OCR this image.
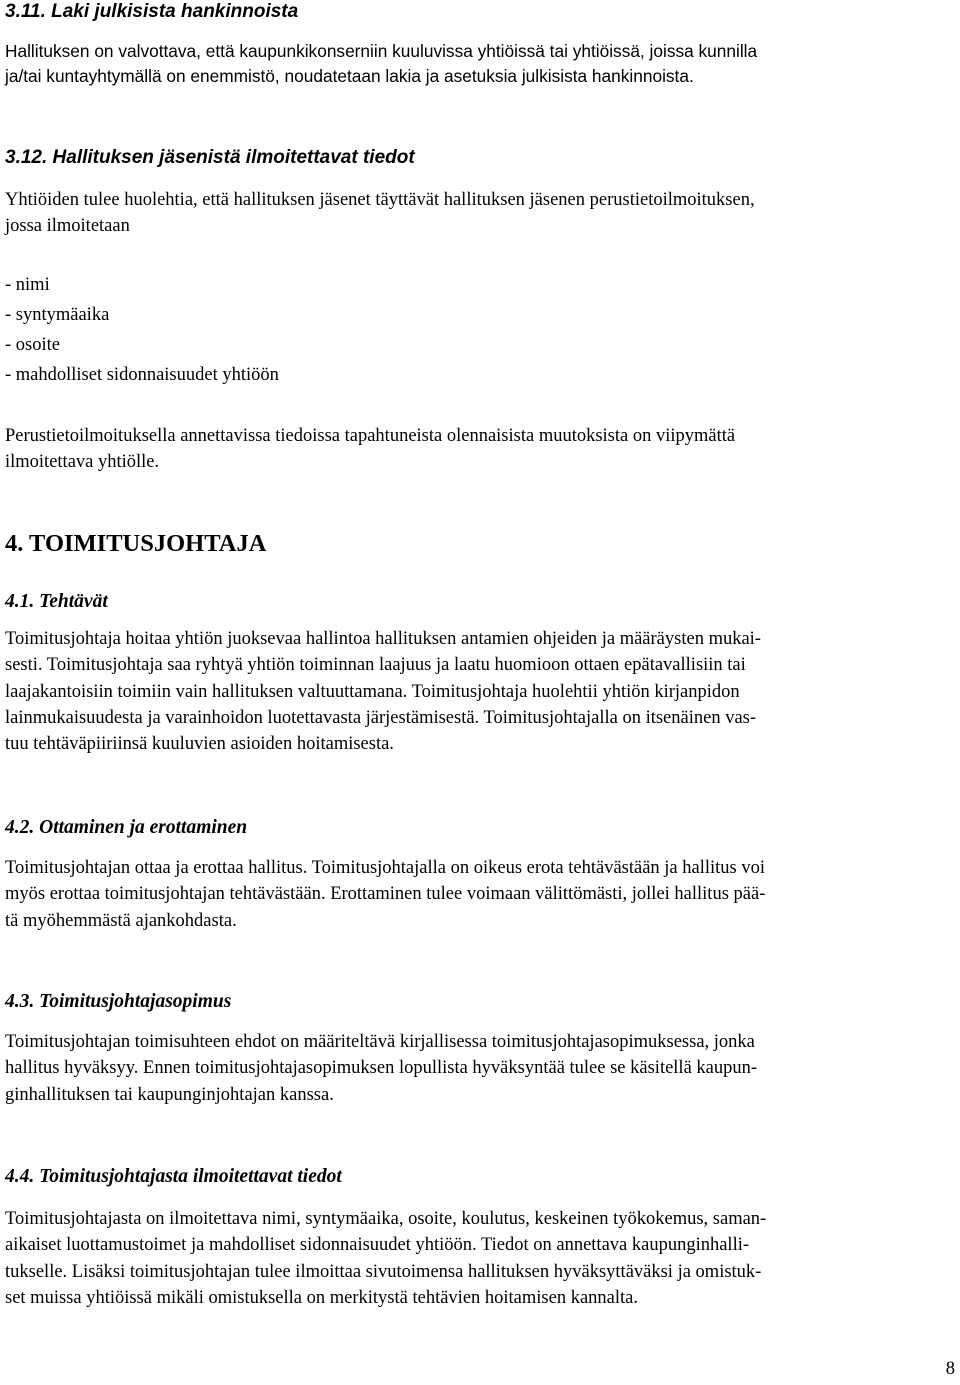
3.11. Laki julkisista hankinnoista

Hallituksen on valvottava, että kaupunkikonserniin kuuluvissa yhtiöissä tai yhtiöissä, joissa kunnilla
ja/tai kuntayhtymällä on enemmistö, noudatetaan lakia ja asetuksia julkisista hankinnoista.

3.12. Hallituksen jäsenistä ilmoitettavat tiedot

Yhtiöiden tulee huolehtia, että hallituksen jäsenet täyttävät hallituksen jäsenen perustietoilmoituksen,
jossa ilmoitetaan

- nimi
- syntymäaika
- osoite
- mahdolliset sidonnaisuudet yhtiöön

Perustietoilmoituksella annettavissa tiedoissa tapahtuneista olennaisista muutoksista on viipymättä
ilmoitettava yhtiölle.

4. TOIMITUSJOHTAJA
4.1. Tehtävät

Toimitusjohtaja hoitaa yhtiön juoksevaa hallintoa hallituksen antamien ohjeiden ja määräysten mukai-
sesti. Toimitusjohtaja saa ryhtyä yhtiön toiminnan laajuus ja laatu huomioon ottaen epätavallisiin tai
laajakantoisiin toimiin vain hallituksen valtuuttamana. Toimitusjohtaja huolehtii yhtiön kirjanpidon
lainmukaisuudesta ja varainhoidon luotettavasta järjestämisestä. Toimitusjohtajalla on itsenäinen vas-
tuu tehtäväpiiriinsä kuuluvien asioiden hoitamisesta.

4.2. Ottaminen ja erottaminen

Toimitusjohtajan ottaa ja erottaa hallitus. Toimitusjohtajalla on oikeus erota tehtävästään ja hallitus voi
myös erottaa toimitusjohtajan tehtävästään. Erottaminen tulee voimaan välittömästi, jollei hallitus pää-
tä myöhemmästä ajankohdasta.

4.3. Toimitusjohtajasopimus

Toimitusjohtajan toimisuhteen ehdot on määriteltävä kirjallisessa toimitusjohtajasopimuksessa, jonka
hallitus hyväksyy. Ennen toimitusjohtajasopimuksen lopullista hyväksyntää tulee se käsitellä kaupun-
ginhallituksen tai kaupunginjohtajan kanssa.

4.4. Toimitusjohtajasta ilmoitettavat tiedot

Toimitusjohtajasta on ilmoitettava nimi, syntymäaika, osoite, koulutus, keskeinen työkokemus, saman-
aikaiset luottamustoimet ja mahdolliset sidonnaisuudet yhtiöön. Tiedot on annettava kaupunginhalli-
tukselle. Lisäksi toimitusjohtajan tulee ilmoittaa sivutoimensa hallituksen hyväksyttäväksi ja omistuk-
set muissa yhtiöissä mikäli omistuksella on merkitystä tehtävien hoitamisen kannalta.

8
